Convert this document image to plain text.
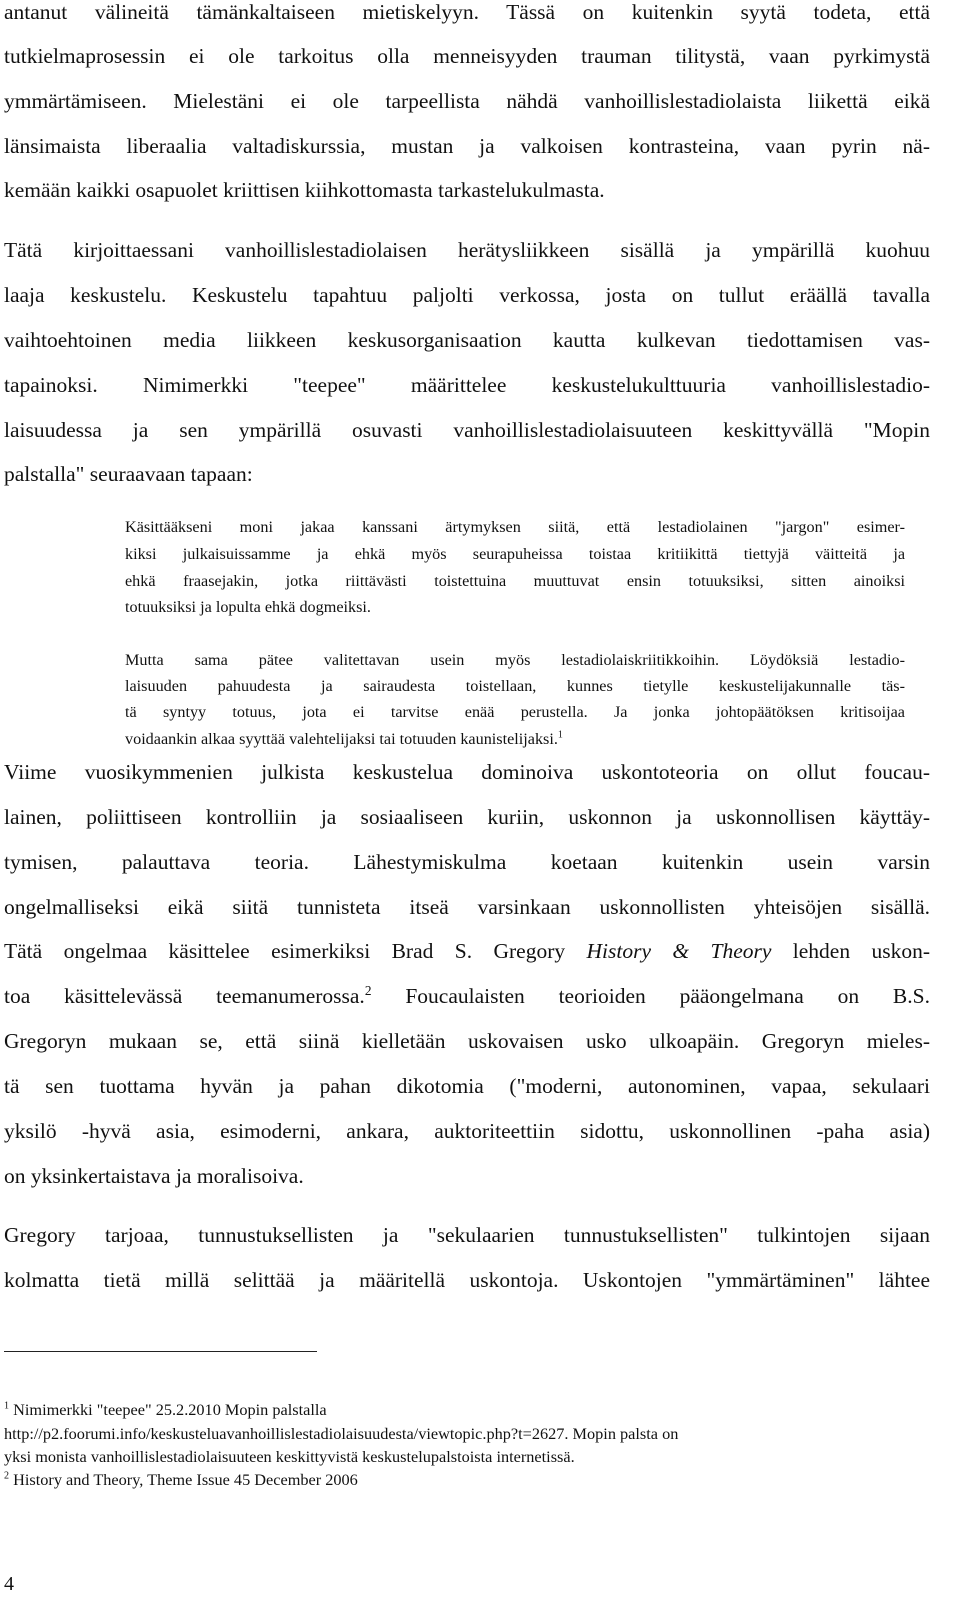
antanut välineitä tämänkaltaiseen mietiskelyyn. Tässä on kuitenkin syytä todeta, että
tutkielmaprosessin ei ole tarkoitus olla menneisyyden trauman tilitystä, vaan pyrkimystä
ymmärtämiseen. Mielestäni ei ole tarpeellista nähdä vanhoillislestadiolaista liikettä eikä
länsimaista liberaalia valtadiskurssia, mustan ja valkoisen kontrasteina, vaan pyrin nä-
kemään kaikki osapuolet kriittisen kiihkottomasta tarkastelukulmasta.
Tätä kirjoittaessani vanhoillislestadiolaisen herätysliikkeen sisällä ja ympärillä kuohuu
laaja keskustelu. Keskustelu tapahtuu paljolti verkossa, josta on tullut eräällä tavalla
vaihtoehtoinen media liikkeen keskusorganisaation kautta kulkevan tiedottamisen vas-
tapainoksi. Nimimerkki "teepee" määrittelee keskustelukulttuuria vanhoillislestadio-
laisuudessa ja sen ympärillä osuvasti vanhoillislestadiolaisuuteen keskittyvällä "Mopin
palstalla" seuraavaan tapaan:
Käsittääkseni moni jakaa kanssani ärtymyksen siitä, että lestadiolainen "jargon" esimer-
kiksi julkaisuissamme ja ehkä myös seurapuheissa toistaa kritiikittä tiettyjä väitteitä ja
ehkä fraasejakin, jotka riittävästi toistettuina muuttuvat ensin totuuksiksi, sitten ainoiksi
totuuksiksi ja lopulta ehkä dogmeiksi.
Mutta sama pätee valitettavan usein myös lestadiolaiskriitikkoihin. Löydöksiä lestadio-
laisuuden pahuudesta ja sairaudesta toistellaan, kunnes tietylle keskustelijakunnalle täs-
tä syntyy totuus, jota ei tarvitse enää perustella. Ja jonka johtopäätöksen kritisoijaa
voidaankin alkaa syyttää valehtelijaksi tai totuuden kaunistelijaksi.$^1$
Viime vuosikymmenien julkista keskustelua dominoiva uskontoteoria on ollut foucau-
lainen, poliittiseen kontrolliin ja sosiaaliseen kuriin, uskonnon ja uskonnollisen käyttäy-
tymisen, palauttava teoria. Lähestymiskulma koetaan kuitenkin usein varsin
ongelmalliseksi eikä siitä tunnisteta itseä varsinkaan uskonnollisten yhteisöjen sisällä.
Tätä ongelmaa käsittelee esimerkiksi Brad S. Gregory History & Theory lehden uskon-
toa käsittelevässä teemanumerossa.$^2$ Foucaulaisten teorioiden pääongelmana on B.S.
Gregoryn mukaan se, että siinä kielletään uskovaisen usko ulkoapäin. Gregoryn mieles-
tä sen tuottama hyvän ja pahan dikotomia ("moderni, autonominen, vapaa, sekulaari
yksilö -hyvä asia, esimoderni, ankara, auktoriteettiin sidottu, uskonnollinen -paha asia)
on yksinkertaistava ja moralisoiva.
Gregory tarjoaa, tunnustuksellisten ja "sekulaarien tunnustuksellisten" tulkintojen sijaan
kolmatta tietä millä selittää ja määritellä uskontoja. Uskontojen "ymmärtäminen" lähtee
$^1$ Nimimerkki "teepee" 25.2.2010 Mopin palstalla
http://p2.foorumi.info/keskusteluavanhoillislestadiolaisuudesta/viewtopic.php?t=2627. Mopin palsta on
yksi monista vanhoillislestadiolaisuuteen keskittyvistä keskustelupalstoista internetissä.
$^2$ History and Theory, Theme Issue 45 December 2006
4
